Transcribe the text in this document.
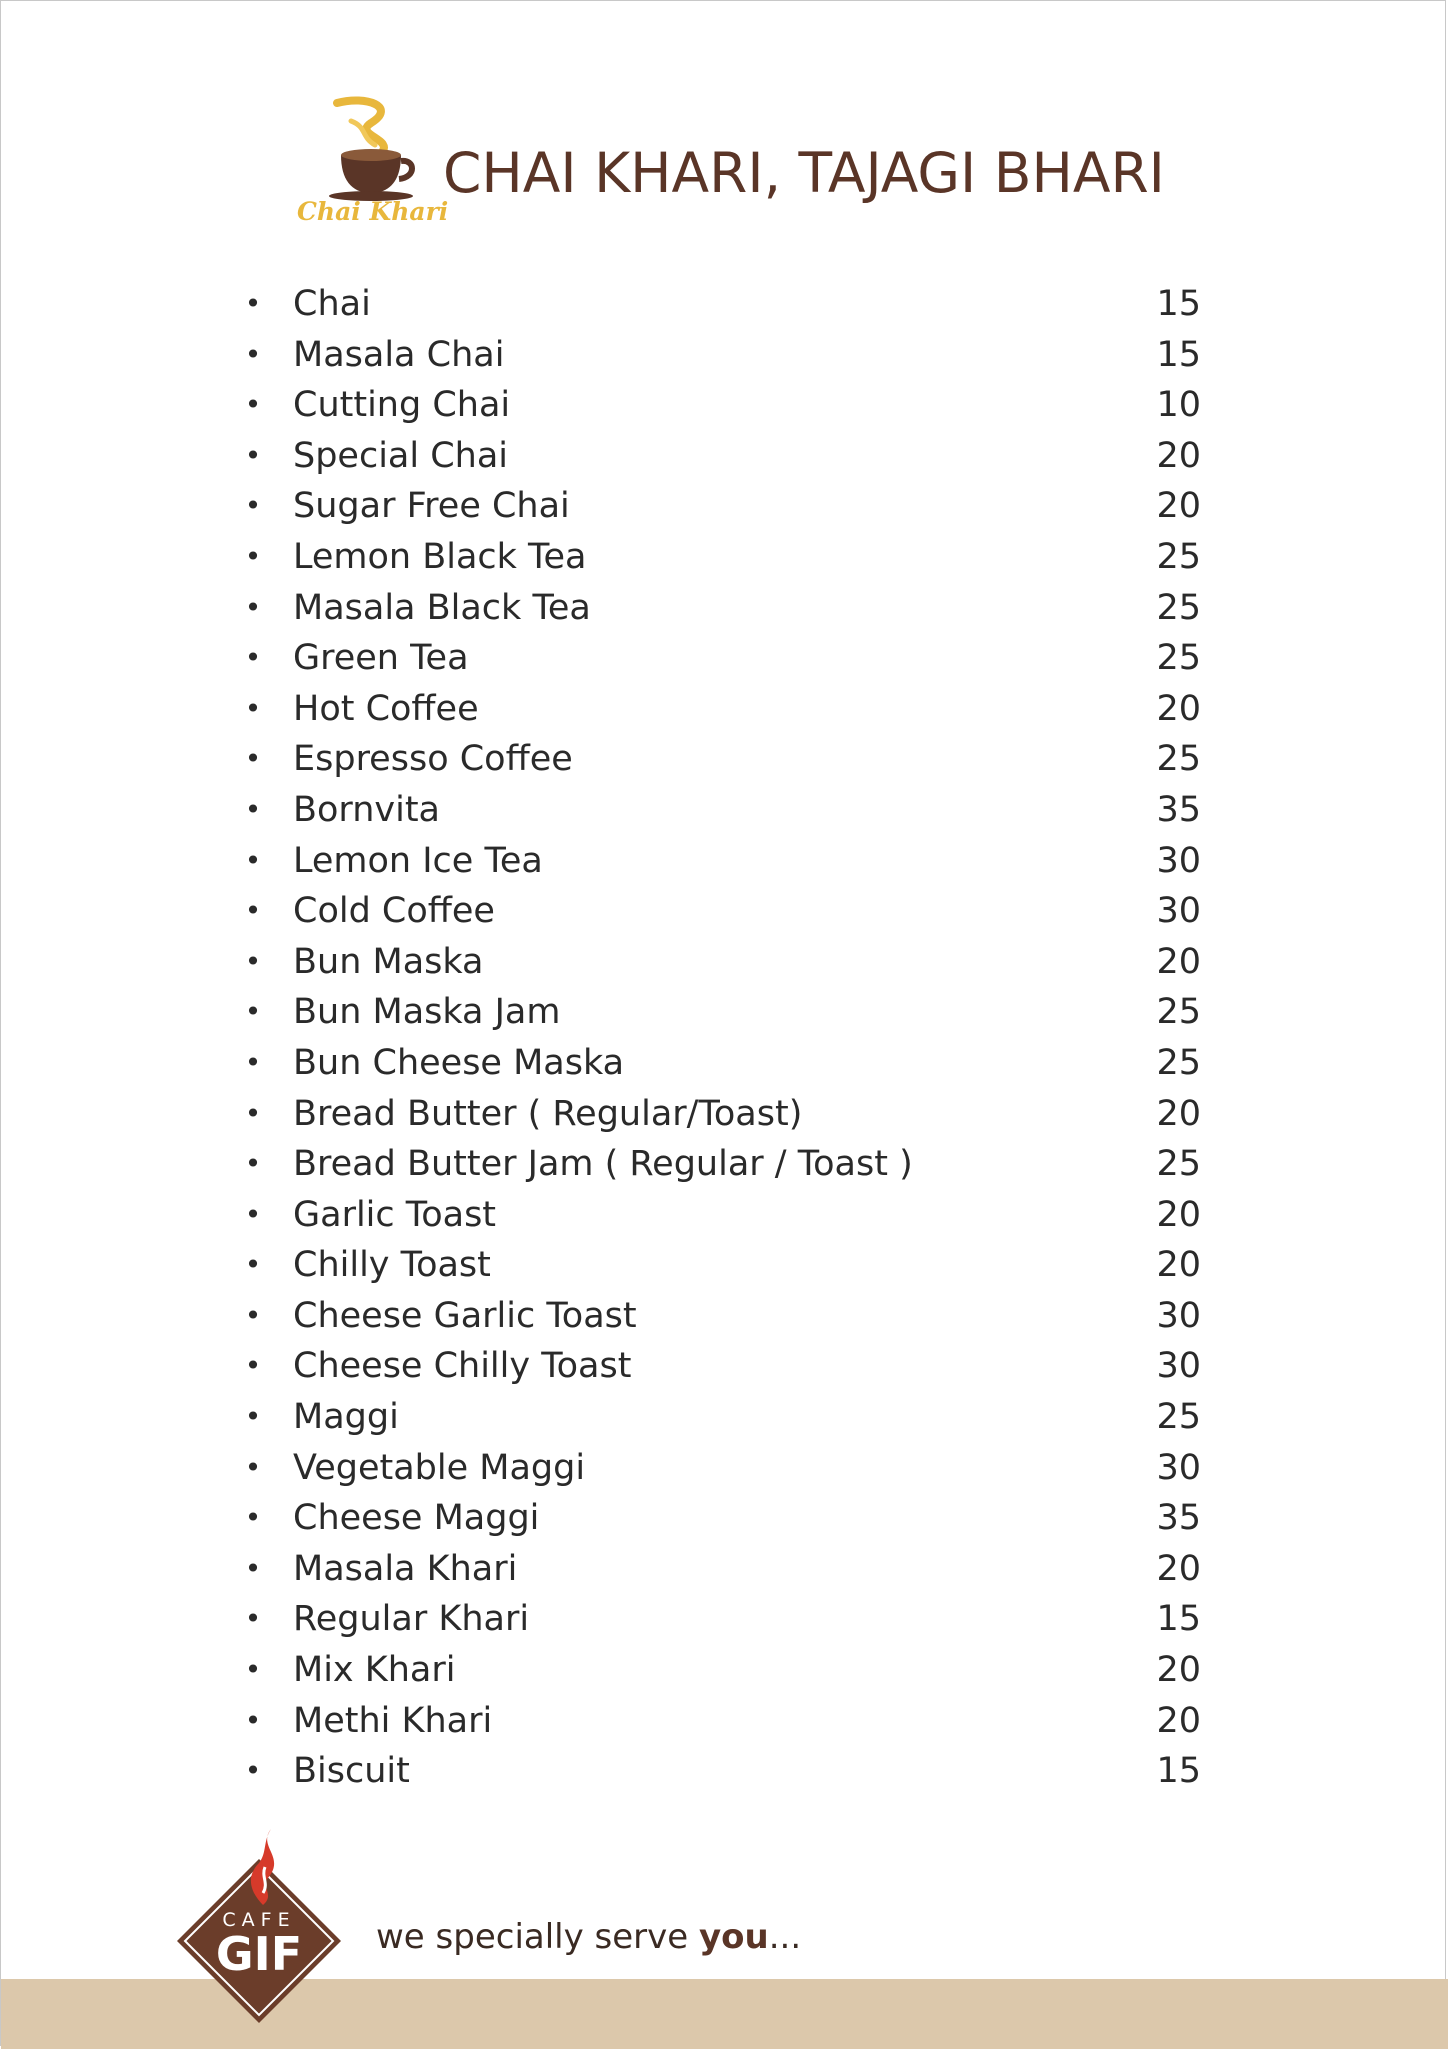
Chai Khari
CHAI KHARI, TAJAGI BHARI
• Chai	15
• Masala Chai	15
• Cutting Chai	10
• Special Chai	20
• Sugar Free Chai	20
• Lemon Black Tea	25
• Masala Black Tea	25
• Green Tea	25
• Hot Coffee	20
• Espresso Coffee	25
• Bornvita	35
• Lemon Ice Tea	30
• Cold Coffee	30
• Bun Maska	20
• Bun Maska Jam	25
• Bun Cheese Maska	25
• Bread Butter ( Regular/Toast)	20
• Bread Butter Jam ( Regular / Toast )	25
• Garlic Toast	20
• Chilly Toast	20
• Cheese Garlic Toast	30
• Cheese Chilly Toast	30
• Maggi	25
• Vegetable Maggi	30
• Cheese Maggi	35
• Masala Khari	20
• Regular Khari	15
• Mix Khari	20
• Methi Khari	20
• Biscuit	15
CAFE
GIF	we specially serve you...
